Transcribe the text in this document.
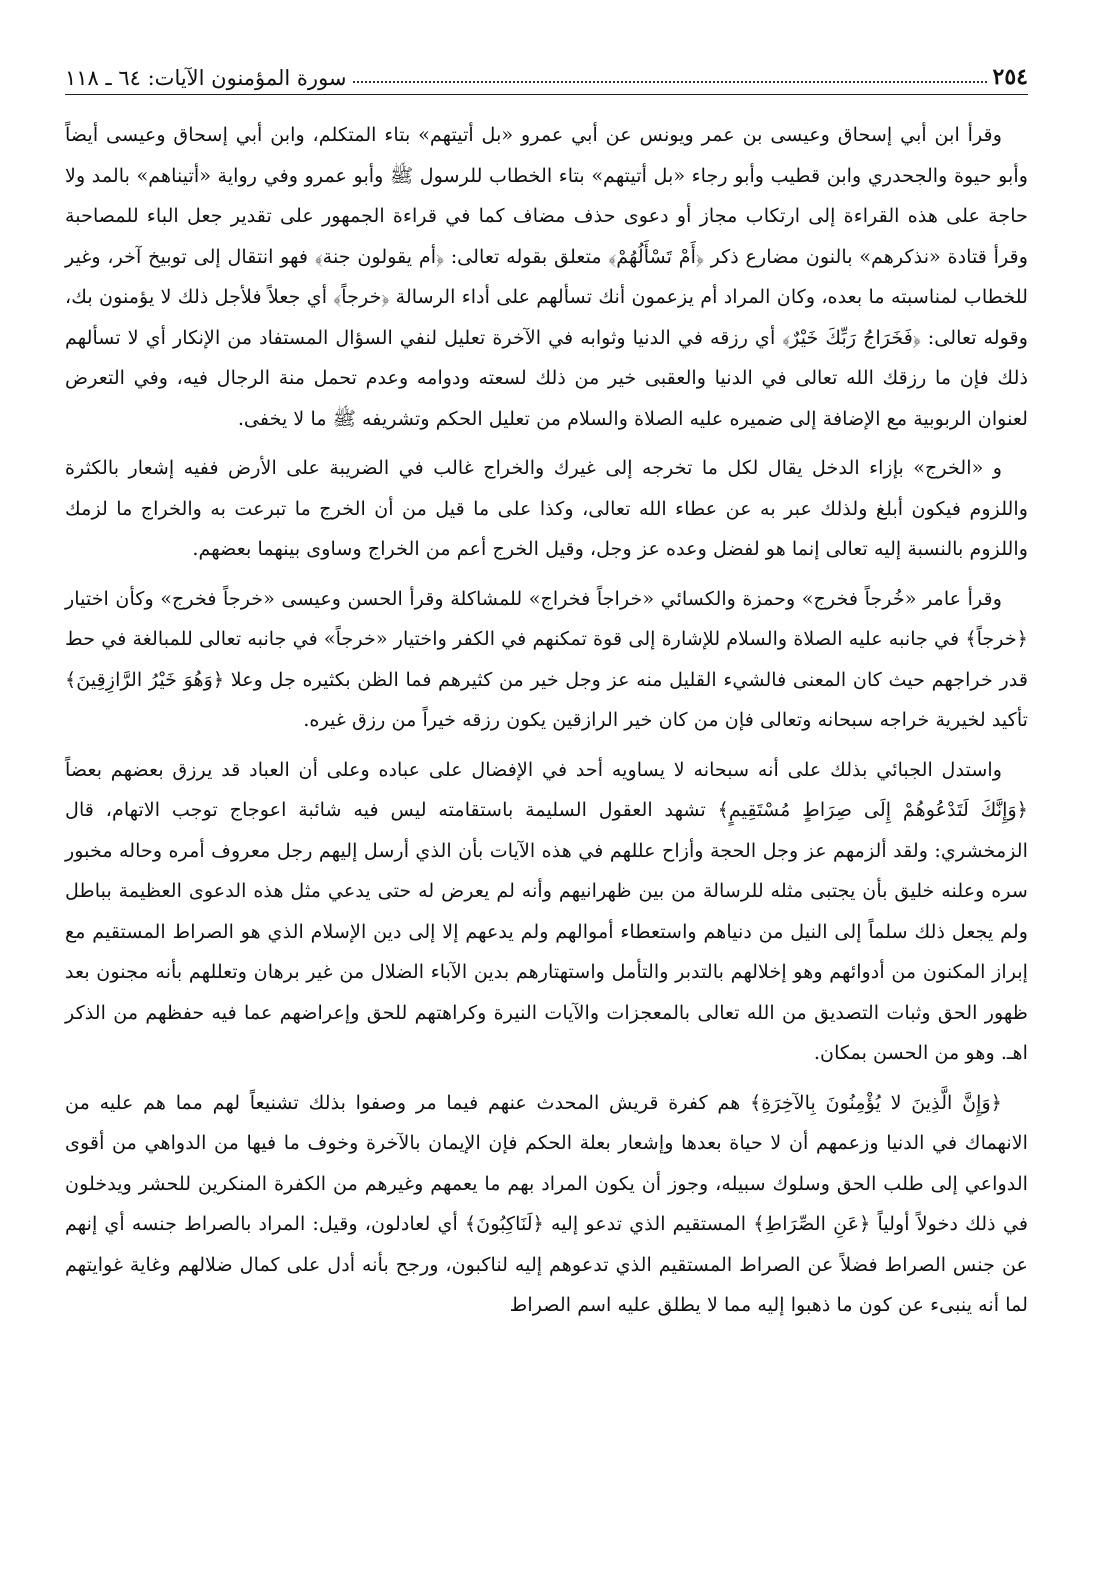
٢٥٤
سورة المؤمنون الآيات: ٦٤ ـ ١١٨

وقرأ ابن أبي إسحاق وعيسى بن عمر ويونس عن أبي عمرو «بل أتيتهم» بتاء المتكلم، وابن أبي إسحاق وعيسى أيضاً وأبو حيوة والجحدري وابن قطيب وأبو رجاء «بل أتيتهم» بتاء الخطاب للرسول ﷺ وأبو عمرو وفي رواية «أتيناهم» بالمد ولا حاجة على هذه القراءة إلى ارتكاب مجاز أو دعوى حذف مضاف كما في قراءة الجمهور على تقدير جعل الباء للمصاحبة وقرأ قتادة «نذكرهم» بالنون مضارع ذكر ﴿أَمْ تَسْأَلُهُمْ﴾ متعلق بقوله تعالى: ﴿أم يقولون جنة﴾ فهو انتقال إلى توبيخ آخر، وغير للخطاب لمناسبته ما بعده، وكان المراد أم يزعمون أنك تسألهم على أداء الرسالة ﴿خرجاً﴾ أي جعلاً فلأجل ذلك لا يؤمنون بك، وقوله تعالى: ﴿فَخَرَاجُ رَبِّكَ خَيْرٌ﴾ أي رزقه في الدنيا وثوابه في الآخرة تعليل لنفي السؤال المستفاد من الإنكار أي لا تسألهم ذلك فإن ما رزقك الله تعالى في الدنيا والعقبى خير من ذلك لسعته ودوامه وعدم تحمل منة الرجال فيه، وفي التعرض لعنوان الربوبية مع الإضافة إلى ضميره عليه الصلاة والسلام من تعليل الحكم وتشريفه ﷺ ما لا يخفى.

و «الخرج» بإزاء الدخل يقال لكل ما تخرجه إلى غيرك والخراج غالب في الضريبة على الأرض ففيه إشعار بالكثرة واللزوم فيكون أبلغ ولذلك عبر به عن عطاء الله تعالى، وكذا على ما قيل من أن الخرج ما تبرعت به والخراج ما لزمك واللزوم بالنسبة إليه تعالى إنما هو لفضل وعده عز وجل، وقيل الخرج أعم من الخراج وساوى بينهما بعضهم.

وقرأ عامر «خُرجاً فخرج» وحمزة والكسائي «خراجاً فخراج» للمشاكلة وقرأ الحسن وعيسى «خرجاً فخرج» وكأن اختيار ﴿خرجاً﴾ في جانبه عليه الصلاة والسلام للإشارة إلى قوة تمكنهم في الكفر واختيار «خرجاً» في جانبه تعالى للمبالغة في حط قدر خراجهم حيث كان المعنى فالشيء القليل منه عز وجل خير من كثيرهم فما الظن بكثيره جل وعلا ﴿وَهُوَ خَيْرُ الرَّازِقِينَ﴾ تأكيد لخيرية خراجه سبحانه وتعالى فإن من كان خير الرازقين يكون رزقه خيراً من رزق غيره.

واستدل الجبائي بذلك على أنه سبحانه لا يساويه أحد في الإفضال على عباده وعلى أن العباد قد يرزق بعضهم بعضاً ﴿وَإِنَّكَ لَتَدْعُوهُمْ إِلَى صِرَاطٍ مُسْتَقِيمٍ﴾ تشهد العقول السليمة باستقامته ليس فيه شائبة اعوجاج توجب الاتهام، قال الزمخشري: ولقد ألزمهم عز وجل الحجة وأزاح عللهم في هذه الآيات بأن الذي أرسل إليهم رجل معروف أمره وحاله مخبور سره وعلنه خليق بأن يجتبى مثله للرسالة من بين ظهرانيهم وأنه لم يعرض له حتى يدعي مثل هذه الدعوى العظيمة بباطل ولم يجعل ذلك سلماً إلى النيل من دنياهم واستعطاء أموالهم ولم يدعهم إلا إلى دين الإسلام الذي هو الصراط المستقيم مع إبراز المكنون من أدوائهم وهو إخلالهم بالتدبر والتأمل واستهتارهم بدين الآباء الضلال من غير برهان وتعللهم بأنه مجنون بعد ظهور الحق وثبات التصديق من الله تعالى بالمعجزات والآيات النيرة وكراهتهم للحق وإعراضهم عما فيه حفظهم من الذكر اهـ. وهو من الحسن بمكان.

﴿وَإِنَّ الَّذِينَ لا يُؤْمِنُونَ بِالآخِرَةِ﴾ هم كفرة قريش المحدث عنهم فيما مر وصفوا بذلك تشنيعاً لهم مما هم عليه من الانهماك في الدنيا وزعمهم أن لا حياة بعدها وإشعار بعلة الحكم فإن الإيمان بالآخرة وخوف ما فيها من الدواهي من أقوى الدواعي إلى طلب الحق وسلوك سبيله، وجوز أن يكون المراد بهم ما يعمهم وغيرهم من الكفرة المنكرين للحشر ويدخلون في ذلك دخولاً أولياً ﴿عَنِ الصِّرَاطِ﴾ المستقيم الذي تدعو إليه ﴿لَنَاكِبُونَ﴾ أي لعادلون، وقيل: المراد بالصراط جنسه أي إنهم عن جنس الصراط فضلاً عن الصراط المستقيم الذي تدعوهم إليه لناكبون، ورجح بأنه أدل على كمال ضلالهم وغاية غوايتهم لما أنه ينبىء عن كون ما ذهبوا إليه مما لا يطلق عليه اسم الصراط
